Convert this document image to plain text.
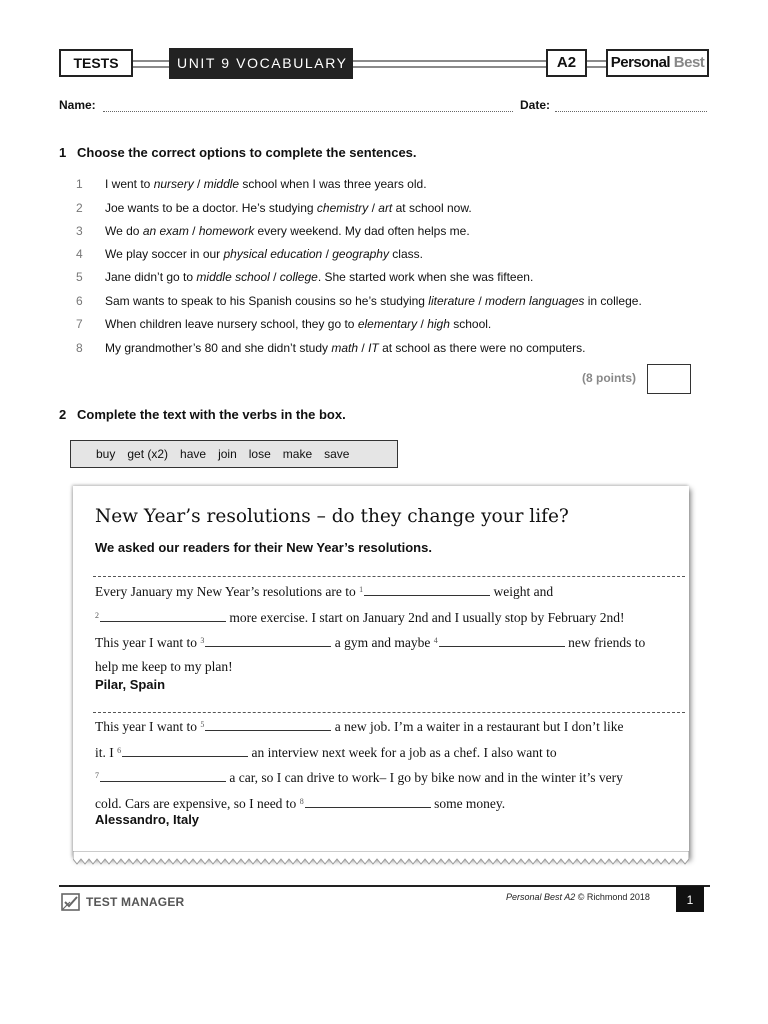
TESTS	UNIT 9 VOCABULARY	A2	Personal Best
Name:	Date:
1 Choose the correct options to complete the sentences.
1 I went to nursery / middle school when I was three years old.
2 Joe wants to be a doctor. He’s studying chemistry / art at school now.
3 We do an exam / homework every weekend. My dad often helps me.
4 We play soccer in our physical education / geography class.
5 Jane didn’t go to middle school / college. She started work when she was fifteen.
6 Sam wants to speak to his Spanish cousins so he’s studying literature / modern languages in college.
7 When children leave nursery school, they go to elementary / high school.
8 My grandmother’s 80 and she didn’t study math / IT at school as there were no computers.
(8 points)
2 Complete the text with the verbs in the box.
buy get (x2) have join lose make save
New Year’s resolutions – do they change your life?
We asked our readers for their New Year’s resolutions.
Every January my New Year’s resolutions are to $^1$	weight and
$^2$	more exercise. I start on January 2nd and I usually stop by February 2nd!
This year I want to $^3$	a gym and maybe $^4$	new friends to
help me keep to my plan!
Pilar, Spain
This year I want to $^5$	a new job. I’m a waiter in a restaurant but I don’t like
it. I $^6$	an interview next week for a job as a chef. I also want to
$^7$	a car, so I can drive to work– I go by bike now and in the winter it’s very
cold. Cars are expensive, so I need to $^8$	some money.
Alessandro, Italy
TEST MANAGER	Personal Best A2 © Richmond 2018	1
